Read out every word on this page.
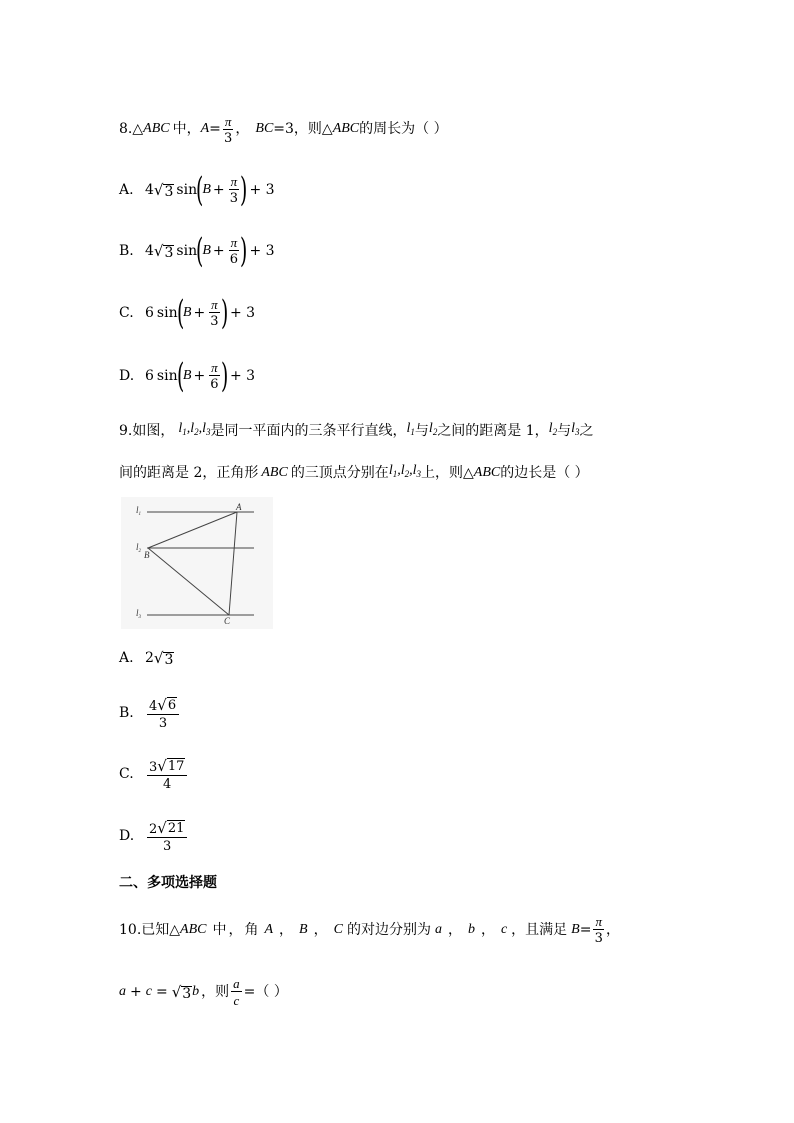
8. △ ABC 中， $A = \frac{\pi}{3}$ ， BC =3，则△ ABC 的周长为（ ）
A. 4 √ 3 sin
(
$B + \frac{\pi}{3}$ ) + 3
B. 4 √ 3 sin
(
$B + \frac{\pi}{6}$ ) + 3
C. 6 sin
(
$B + \frac{\pi}{3}$ ) + 3
D. 6 sin
(
$B + \frac{\pi}{6}$ ) + 3
9.如图， $l_1,l_2,l_3$ 是同一平面内的三条平行直线， $l_1$ 与 $l_2$ 之间的距离是 1， $l_2$ 与 $l_3$ 之
间的距离是 2，正角形 ABC 的三顶点分别在 $l_1,l_2,l_3$ 上，则△ ABC 的边长是（ ）
$l_1$
$l_2$
$l_3$
A
B
C
A. 2 √ 3
B.	$\frac{4 √ 6}{3}$
C.	$\frac{3 √ 17}{4}$
D. $\frac{2 √ 21}{3}$
二、多项选择题
10.已知△ ABC 中，角 A ， B ， C 的对边分别为 a ， b ， c ，且满足 $B = \frac{\pi}{3}$ ，
a + c = √ 3 b ，则 $\frac{a}{c}$ =（ ）
